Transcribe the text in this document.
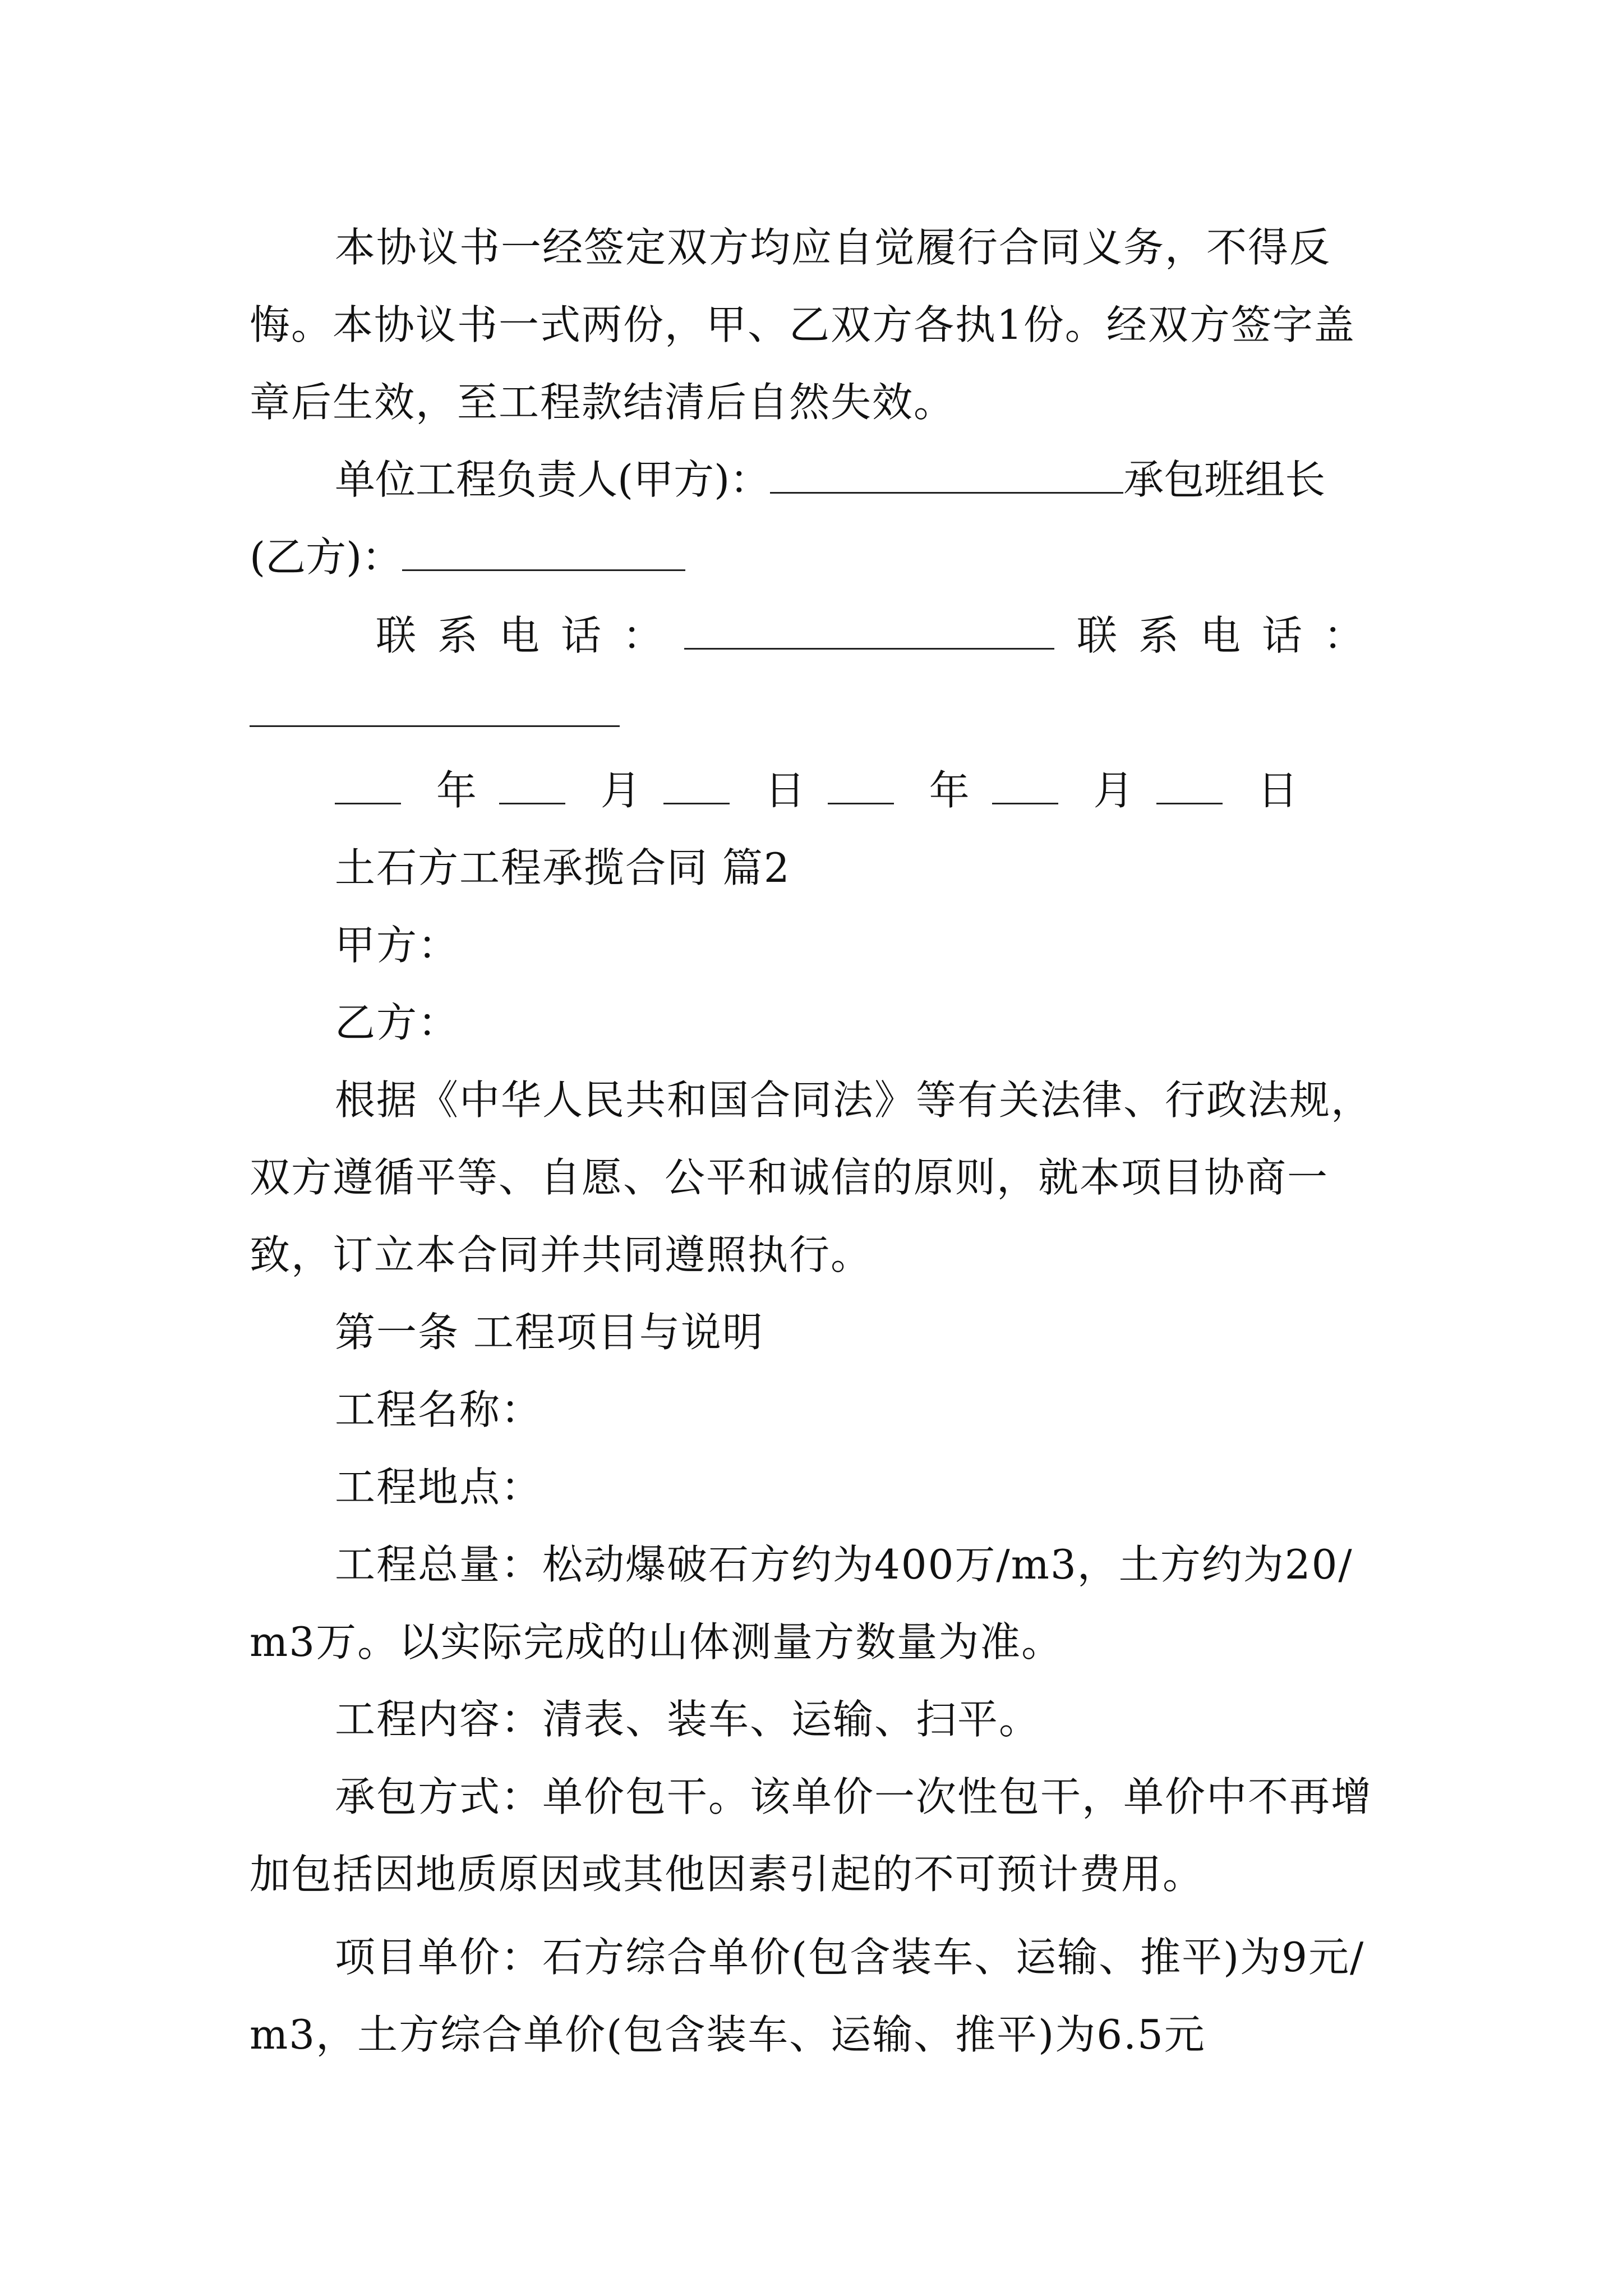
本协议书一经签定双方均应自觉履行合同义务，不得反悔。本协议书一式两份，甲、乙双方各执1份。经双方签字盖章后生效，至工程款结清后自然失效。
单位工程负责人(甲方)：	承包班组长
(乙方)：
联系电话：	联系电话：
年	月	日	年	月	日
土石方工程承揽合同 篇2
甲方：
乙方：
根据《中华人民共和国合同法》等有关法律、行政法规，双方遵循平等、自愿、公平和诚信的原则，就本项目协商一致，订立本合同并共同遵照执行。
第一条 工程项目与说明
工程名称：
工程地点：
工程总量：松动爆破石方约为400万/m3，土方约为20/m3万。以实际完成的山体测量方数量为准。
工程内容：清表、装车、运输、扫平。
承包方式：单价包干。该单价一次性包干，单价中不再增加包括因地质原因或其他因素引起的不可预计费用。
项目单价：石方综合单价(包含装车、运输、推平)为9元/m3，土方综合单价(包含装车、运输、推平)为6.5元
